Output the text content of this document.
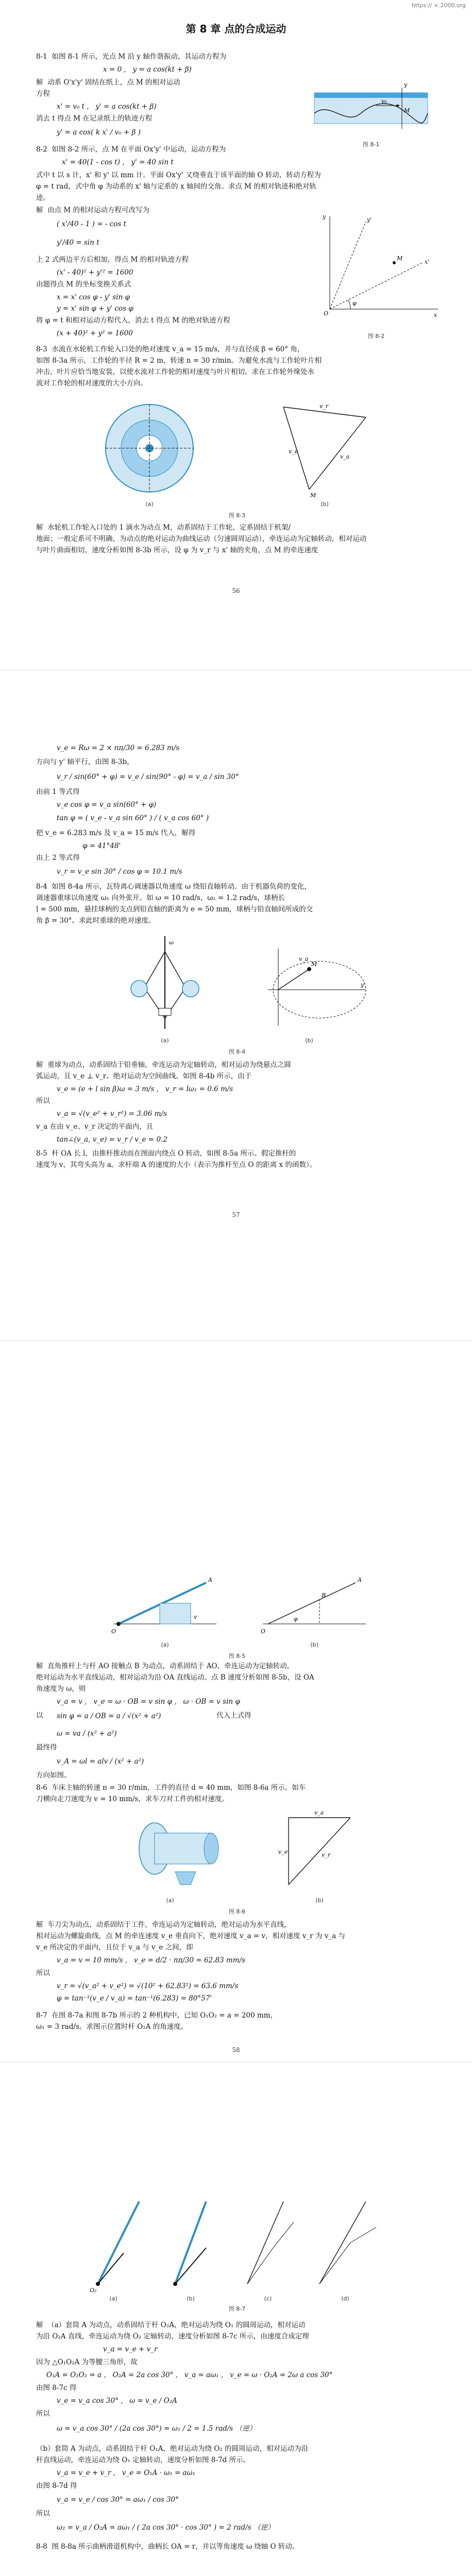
https:// ×.2000.org
第 8 章 点的合成运动
8-1  如图 8-1 所示，光点 M 沿 y 轴作谐振动，其运动方程为
x = 0 ,   y = a cos(kt + β)
解  动系 O'x'y' 固结在纸上，点 M 的相对运动
方程
x' = v₀ t ,   y' = a cos(kt + β)
消去 t 得点 M 在记录纸上的轨迹方程
y' = a cos( k x' / v₀ + β )
v₀
y
M
图 8-1
8-2  如图 8-2 所示，点 M 在平面 Ox'y' 中运动，运动方程为
x' = 40(1 - cos t) ,   y' = 40 sin t
式中 t 以 s 计，x' 和 y' 以 mm 计。平面 Ox'y' 又绕垂直于该平面的轴 O 转动，转动方程为
φ = t rad，式中角 φ 为动系的 x' 轴与定系的 x 轴间的交角。求点 M 的相对轨迹和绝对轨
迹。
解  由点 M 的相对运动方程可改写为
( x'/40 - 1 ) = - cos t
y'/40 = sin t
上 2 式两边平方后相加，得点 M 的相对轨迹方程
(x' - 40)² + y'² = 1600
由题得点 M 的坐标变换关系式
x = x' cos φ - y' sin φ
y = x' sin φ + y' cos φ
将 φ = t 和相对运动方程代入，消去 t 得点 M 的绝对轨迹方程
(x + 40)² + y² = 1600
M
x
y
x'
y'
O
φ
图 8-2
8-3  水流在水轮机工作轮入口处的绝对速度 v_a = 15 m/s，并与直径成 β = 60° 角，
如图 8-3a 所示，工作轮的半径 R = 2 m，转速 n = 30 r/min。为避免水流与工作轮叶片相
冲击，叶片应恰当地安装，以使水流对工作轮的相对速度与叶片相切。求在工作轮外缘处水
流对工作轮的相对速度的大小方向。
(a)
v_e
v_a
v_r
M
(b)
图 8-3
解  水轮机工作轮入口处的 1 滴水为动点 M，动系固结于工作轮，定系固结于机架/
地面；一般定系可不明确，为动点的绝对运动为曲线运动（匀速圆周运动），牵连运动为定轴转动，相对运动
与叶片曲面相切，速度分析如图 8-3b 所示，设 φ 为 v_r 与 x' 轴的夹角，点 M 的牵连速度
56
v_e = Rω = 2 × nπ/30 = 6.283 m/s
方向与 y' 轴平行，由图 8-3b，
v_r / sin(60° + φ) = v_e / sin(90° - φ) = v_a / sin 30°
由前 1 等式得
v_e cos φ = v_a sin(60° + φ)
tan φ = ( v_e - v_a sin 60° ) / ( v_a cos 60° )
把 v_e = 6.283 m/s 及 v_a = 15 m/s 代入，解得
φ = 41°48'
由上 2 等式得
v_r = v_e sin 30° / cos φ = 10.1 m/s
8-4  如图 8-4a 所示，瓦特离心调速器以角速度 ω 绕铅直轴转动。由于机器负荷的变化，
调速器重球以角速度 ω₁ 向外张开。如 ω = 10 rad/s，ω₁ = 1.2 rad/s，球柄长
l = 500 mm，悬挂球柄的支点到铅直轴的距离为 e = 50 mm，球柄与铅直轴间所成的交
角 β = 30°。求此时重球的绝对速度。
ω
(a)
M
v_a
y'
(b)
图 8-4
解  重球为动点，动系固结于铅垂轴，牵连运动为定轴转动，相对运动为绕悬点之圆
弧运动，且 v_e ⊥ v_r。绝对运动为空间曲线。如图 8-4b 所示，由于
v_e = (e + l sin β)ω = 3 m/s ,   v_r = lω₁ = 0.6 m/s
所以
v_a = √(v_e² + v_r²) = 3.06 m/s
v_a 在由 v_e、v_r 决定的平面内，且
tan∠(v_a, v_e) = v_r / v_e = 0.2
8-5  杆 OA 长 l，由推杆推动而在图面内绕点 O 转动，如图 8-5a 所示。假定推杆的
速度为 v，其弯头高为 a。求杆端 A 的速度的大小（表示为推杆至点 O 的距离 x 的函数）。
57
O
A
v
(a)
B
O
A
φ
(b)
图 8-5
解  直角推杆上与杆 AO 接触点 B 为动点，动系固结于 AO，牵连运动为定轴转动，
绝对运动为水平直线运动，相对运动为沿 OA 直线运动。点 B 速度分析如图 8-5b，设 OA
角速度为 ω，则
v_a = v ,   v_e = ω · OB = v sin φ ,   ω · OB = v sin φ
以 sin φ = a / OB = a / √(x² + a²)	代入上式得
ω = va / (x² + a²)
最终得
v_A = ωl = alv / (x² + a²)
方向如图。
8-6  车床主轴的转速 n = 30 r/min，工件的直径 d = 40 mm，如图 8-6a 所示。如车
刀横向走刀速度为 v = 10 mm/s，求车刀对工件的相对速度。
(a)
v_e
v_a
v_r
(b)
图 8-6
解  车刀尖为动点，动系固结于工件，牵连运动为定轴转动，绝对运动为水平直线，
相对运动为螺旋曲线，点 M 的牵连速度 v_e 垂直向下，绝对速度 v_a = v，相对速度 v_r 为 v_a 与
v_e 所决定的平面内，且位于 v_a 与 v_e 之间，即
v_a = v = 10 mm/s ,   v_e = d/2 · nπ/30 = 62.83 mm/s
所以
v_r = √(v_a² + v_e²) = √(10² + 62.83²) = 63.6 mm/s
φ = tan⁻¹(v_e / v_a) = tan⁻¹(6.283) = 80°57'
8-7  在图 8-7a 和图 8-7b 所示的 2 种机构中，已知 O₁O₂ = a = 200 mm，
ω₁ = 3 rad/s。求图示位置时杆 O₂A 的角速度。
58
O₂
(a)	(b)	(c)	(d)
图 8-7
解  （a）套筒 A 为动点，动系固结于杆 O₂A，绝对运动为绕 O₁ 的圆周运动，相对运动
为沿 O₂A 直线，牵连运动为绕 O₂ 定轴转动，速度分析如图 8-7c 所示，由速度合成定理
v_a = v_e + v_r
因为 △O₁O₂A 为等腰三角形，故
O₁A = O₁O₂ = a ,   O₂A = 2a cos 30° ,   v_a = aω₁ ,   v_e = ω · O₂A = 2ω a cos 30°
由图 8-7c 得
v_e = v_a cos 30° ,   ω = v_e / O₂A
所以
ω = v_a cos 30° / (2a cos 30°) = ω₁ / 2 = 1.5 rad/s （逆）
（b）套筒 A 为动点，动系固结于杆 O₁A，绝对运动为绕 O₂ 的圆周运动，相对运动为沿
杆直线运动，牵连运动为绕 O₁ 定轴转动，速度分析如图 8-7d 所示。
v_a = v_e + v_r ,   v_e = O₁A · ω₁ = aω₁
由图 8-7d 得
v_a = v_e / cos 30° = aω₁ / cos 30°
所以
ω₂ = v_a / O₂A = aω₁ / ( 2a cos 30° · cos 30° ) = 2 rad/s （逆）
8-8  图 8-8a 所示曲柄滑道机构中，曲柄长 OA = r，并以等角速度 ω 绕轴 O 转动。
